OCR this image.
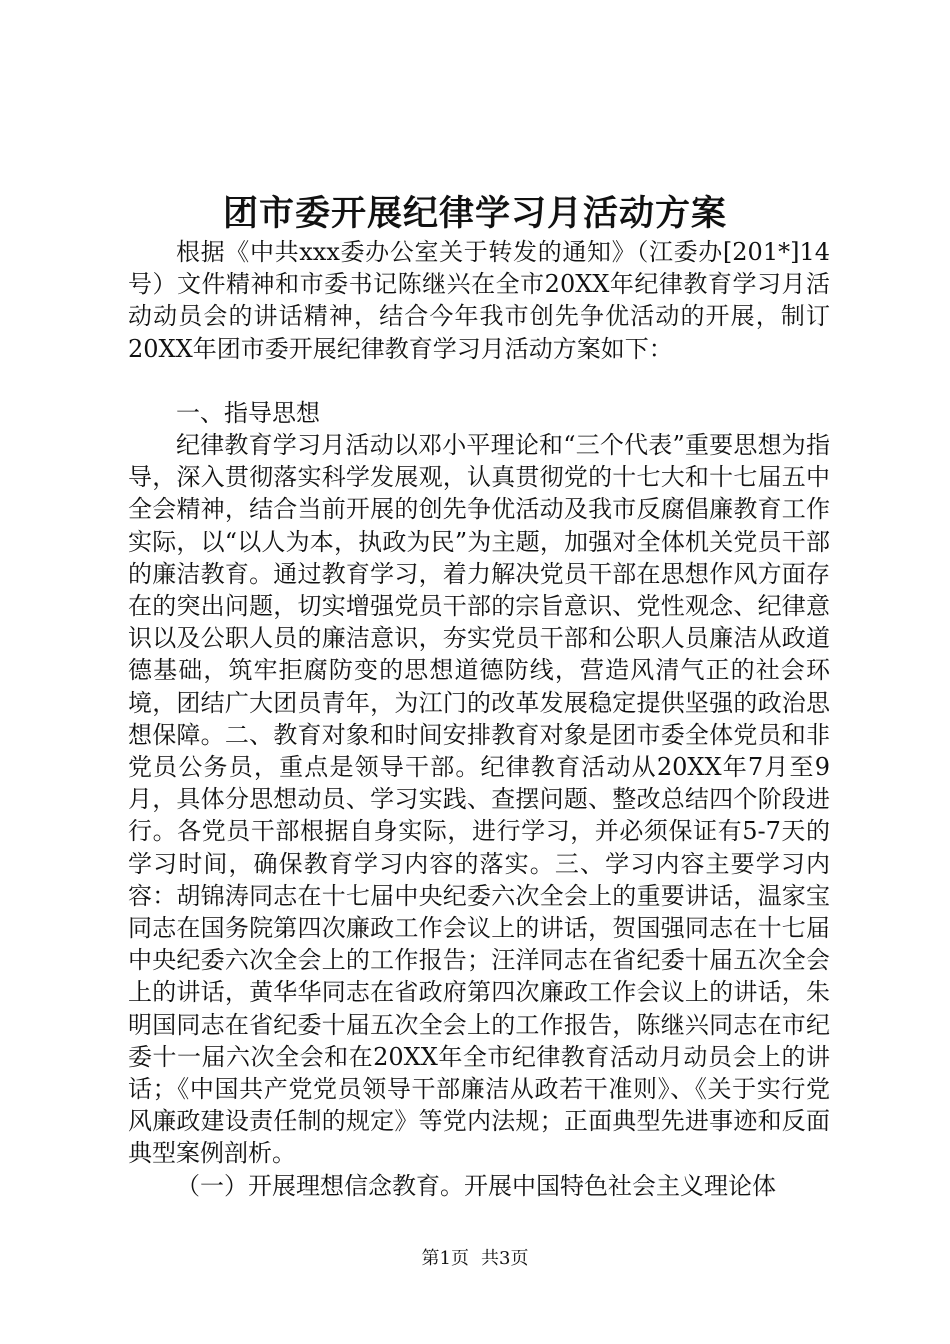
团市委开展纪律学习月活动方案

根据《中共xxx委办公室关于转发的通知》（江委办[201*]14号）文件精神和市委书记陈继兴在全市20XX年纪律教育学习月活动动员会的讲话精神，结合今年我市创先争优活动的开展，制订20XX年团市委开展纪律教育学习月活动方案如下：

一、指导思想

纪律教育学习月活动以邓小平理论和“三个代表”重要思想为指导，深入贯彻落实科学发展观，认真贯彻党的十七大和十七届五中全会精神，结合当前开展的创先争优活动及我市反腐倡廉教育工作实际，以“以人为本，执政为民”为主题，加强对全体机关党员干部的廉洁教育。通过教育学习，着力解决党员干部在思想作风方面存在的突出问题，切实增强党员干部的宗旨意识、党性观念、纪律意识以及公职人员的廉洁意识，夯实党员干部和公职人员廉洁从政道德基础，筑牢拒腐防变的思想道德防线，营造风清气正的社会环境，团结广大团员青年，为江门的改革发展稳定提供坚强的政治思想保障。二、教育对象和时间安排教育对象是团市委全体党员和非党员公务员，重点是领导干部。纪律教育活动从20XX年7月至9月，具体分思想动员、学习实践、查摆问题、整改总结四个阶段进行。各党员干部根据自身实际，进行学习，并必须保证有5-7天的学习时间，确保教育学习内容的落实。三、学习内容主要学习内容：胡锦涛同志在十七届中央纪委六次全会上的重要讲话，温家宝同志在国务院第四次廉政工作会议上的讲话，贺国强同志在十七届中央纪委六次全会上的工作报告；汪洋同志在省纪委十届五次全会上的讲话，黄华华同志在省政府第四次廉政工作会议上的讲话，朱明国同志在省纪委十届五次全会上的工作报告，陈继兴同志在市纪委十一届六次全会和在20XX年全市纪律教育活动月动员会上的讲话；《中国共产党党员领导干部廉洁从政若干准则》、《关于实行党风廉政建设责任制的规定》等党内法规；正面典型先进事迹和反面典型案例剖析。

（一）开展理想信念教育。开展中国特色社会主义理论体

第1页 共3页
